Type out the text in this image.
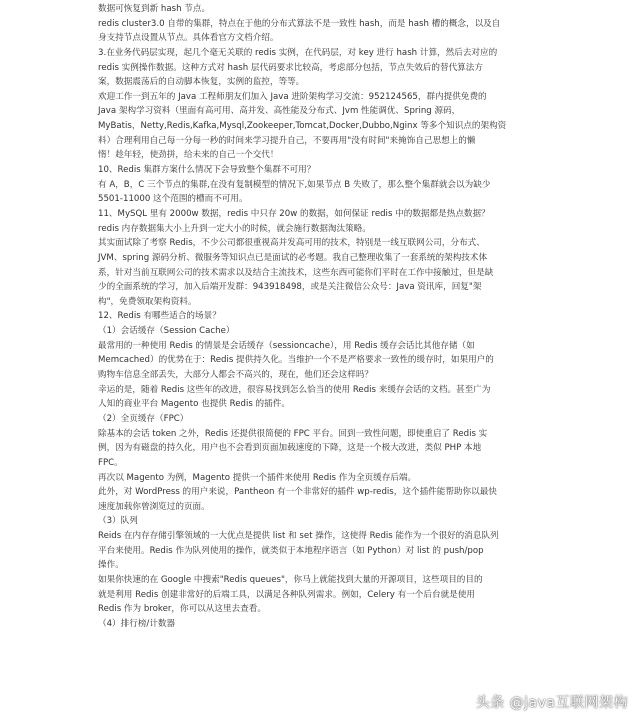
数据可恢复到新 hash 节点。
redis cluster3.0 自带的集群，特点在于他的分布式算法不是一致性 hash，而是 hash 槽的概念，以及自
身支持节点设置从节点。具体看官方文档介绍。
3.在业务代码层实现，起几个毫无关联的 redis 实例，在代码层，对 key 进行 hash 计算，然后去对应的
redis 实例操作数据。这种方式对 hash 层代码要求比较高，考虑部分包括，节点失效后的替代算法方
案，数据震荡后的自动脚本恢复，实例的监控，等等。
欢迎工作一到五年的 Java 工程师朋友们加入 Java 进阶架构学习交流：952124565，群内提供免费的
Java 架构学习资料（里面有高可用、高并发、高性能及分布式、Jvm 性能调优、Spring 源码，
MyBatis，Netty,Redis,Kafka,Mysql,Zookeeper,Tomcat,Docker,Dubbo,Nginx 等多个知识点的架构资
料）合理利用自己每一分每一秒的时间来学习提升自己，不要再用"没有时间"来掩饰自己思想上的懒
惰！趁年轻，使劲拼，给未来的自己一个交代！
10、Redis 集群方案什么情况下会导致整个集群不可用？
有 A，B，C 三个节点的集群,在没有复制模型的情况下,如果节点 B 失败了，那么整个集群就会以为缺少
5501-11000 这个范围的槽而不可用。
11、MySQL 里有 2000w 数据，redis 中只存 20w 的数据，如何保证 redis 中的数据都是热点数据？
redis 内存数据集大小上升到一定大小的时候，就会施行数据淘汰策略。
其实面试除了考察 Redis，不少公司都很重视高并发高可用的技术，特别是一线互联网公司，分布式、
JVM、spring 源码分析、微服务等知识点已是面试的必考题。我自己整理收集了一套系统的架构技术体
系，针对当前互联网公司的技术需求以及结合主流技术，这些东西可能你们平时在工作中接触过，但是缺
少的全面系统的学习，加入后端开发群：943918498，或是关注微信公众号：Java 资讯库，回复"架
构"，免费领取架构资料。
12、Redis 有哪些适合的场景？
（1）会话缓存（Session Cache）
最常用的一种使用 Redis 的情景是会话缓存（sessioncache），用 Redis 缓存会话比其他存储（如
Memcached）的优势在于：Redis 提供持久化。当维护一个不是严格要求一致性的缓存时，如果用户的
购物车信息全部丢失，大部分人都会不高兴的，现在，他们还会这样吗？
幸运的是，随着 Redis 这些年的改进，很容易找到怎么恰当的使用 Redis 来缓存会话的文档。甚至广为
人知的商业平台 Magento 也提供 Redis 的插件。
（2）全页缓存（FPC）
除基本的会话 token 之外，Redis 还提供很简便的 FPC 平台。回到一致性问题，即使重启了 Redis 实
例，因为有磁盘的持久化，用户也不会看到页面加载速度的下降，这是一个极大改进，类似 PHP 本地
FPC。
再次以 Magento 为例，Magento 提供一个插件来使用 Redis 作为全页缓存后端。
此外，对 WordPress 的用户来说，Pantheon 有一个非常好的插件 wp-redis，这个插件能帮助你以最快
速度加载你曾浏览过的页面。
（3）队列
Reids 在内存存储引擎领域的一大优点是提供 list 和 set 操作，这使得 Redis 能作为一个很好的消息队列
平台来使用。Redis 作为队列使用的操作，就类似于本地程序语言（如 Python）对 list 的 push/pop
操作。
如果你快速的在 Google 中搜索"Redis queues"，你马上就能找到大量的开源项目，这些项目的目的
就是利用 Redis 创建非常好的后端工具，以满足各种队列需求。例如，Celery 有一个后台就是使用
Redis 作为 broker，你可以从这里去查看。
（4）排行榜/计数器
头条 @java互联网架构
